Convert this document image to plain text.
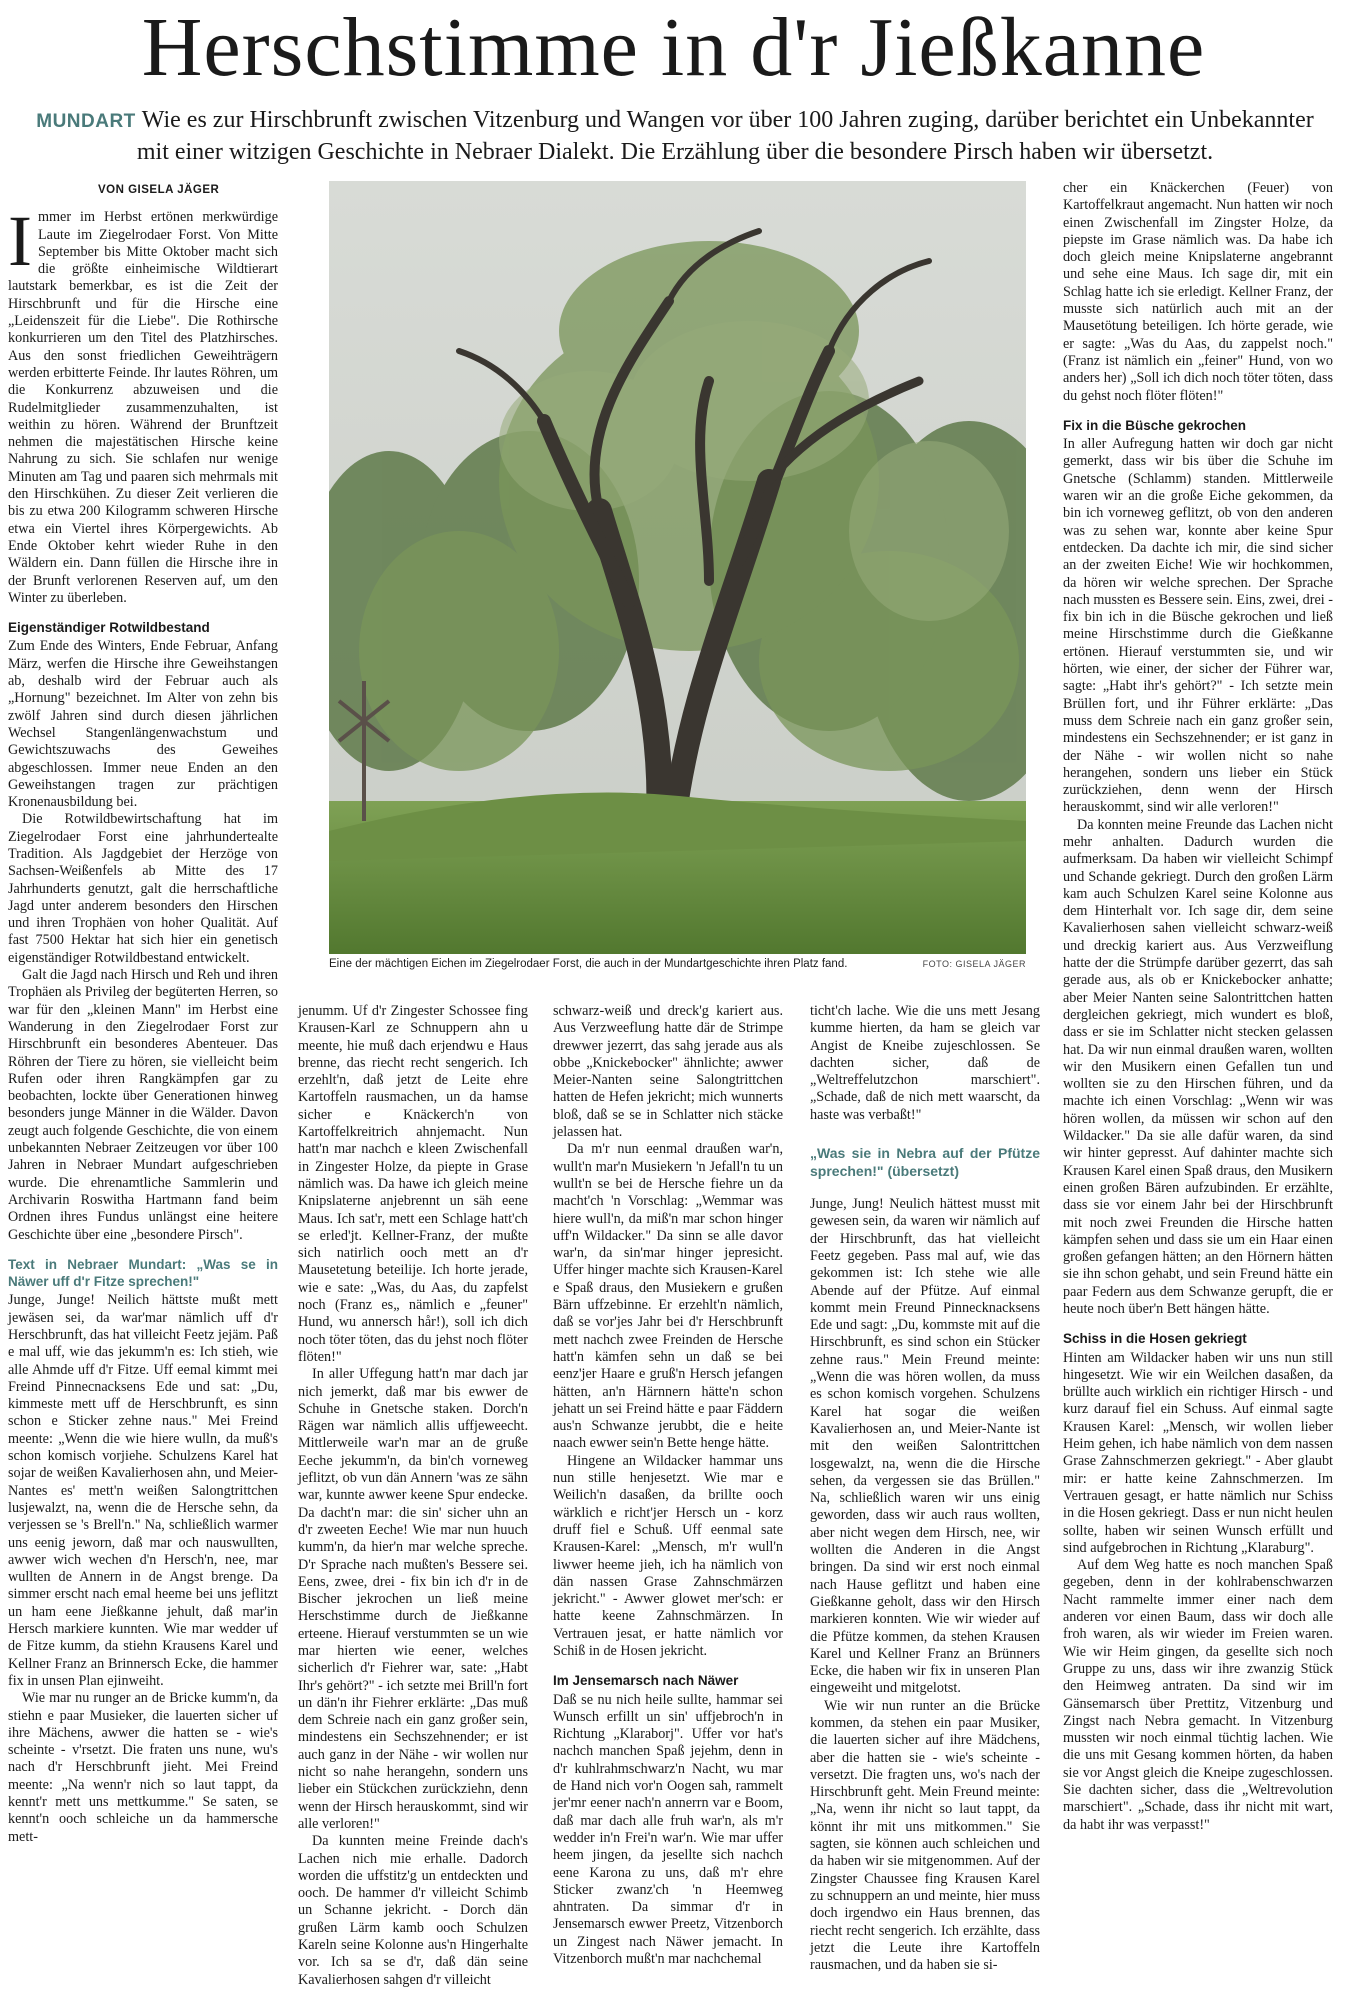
Herschstimme in d'r Jießkanne

MUNDART Wie es zur Hirschbrunft zwischen Vitzenburg und Wangen vor über 100 Jahren zuging, darüber berichtet ein Unbekannter mit einer witzigen Geschichte in Nebraer Dialekt. Die Erzählung über die besondere Pirsch haben wir übersetzt.

VON GISELA JÄGER

Immer im Herbst ertönen merkwürdige Laute im Ziegelrodaer Forst. Von Mitte September bis Mitte Oktober macht sich die größte einheimische Wildtierart lautstark bemerkbar, es ist die Zeit der Hirschbrunft und für die Hirsche eine „Leidenszeit für die Liebe". Die Rothirsche konkurrieren um den Titel des Platzhirsches. Aus den sonst friedlichen Geweihträgern werden erbitterte Feinde. Ihr lautes Röhren, um die Konkurrenz abzuweisen und die Rudelmitglieder zusammenzuhalten, ist weithin zu hören. Während der Brunftzeit nehmen die majestätischen Hirsche keine Nahrung zu sich. Sie schlafen nur wenige Minuten am Tag und paaren sich mehrmals mit den Hirschkühen. Zu dieser Zeit verlieren die bis zu etwa 200 Kilogramm schweren Hirsche etwa ein Viertel ihres Körpergewichts. Ab Ende Oktober kehrt wieder Ruhe in den Wäldern ein. Dann füllen die Hirsche ihre in der Brunft verlorenen Reserven auf, um den Winter zu überleben.

Eigenständiger Rotwildbestand

Zum Ende des Winters, Ende Februar, Anfang März, werfen die Hirsche ihre Geweihstangen ab, deshalb wird der Februar auch als „Hornung" bezeichnet. Im Alter von zehn bis zwölf Jahren sind durch diesen jährlichen Wechsel Stangenlängenwachstum und Gewichtszuwachs des Geweihes abgeschlossen. Immer neue Enden an den Geweihstangen tragen zur prächtigen Kronenausbildung bei.

Die Rotwildbewirtschaftung hat im Ziegelrodaer Forst eine jahrhundertealte Tradition. Als Jagdgebiet der Herzöge von Sachsen-Weißenfels ab Mitte des 17 Jahrhunderts genutzt, galt die herrschaftliche Jagd unter anderem besonders den Hirschen und ihren Trophäen von hoher Qualität. Auf fast 7500 Hektar hat sich hier ein genetisch eigenständiger Rotwildbestand entwickelt.

Galt die Jagd nach Hirsch und Reh und ihren Trophäen als Privileg der begüterten Herren, so war für den „kleinen Mann" im Herbst eine Wanderung in den Ziegelrodaer Forst zur Hirschbrunft ein besonderes Abenteuer. Das Röhren der Tiere zu hören, sie vielleicht beim Rufen oder ihren Rangkämpfen gar zu beobachten, lockte über Generationen hinweg besonders junge Männer in die Wälder. Davon zeugt auch folgende Geschichte, die von einem unbekannten Nebraer Zeitzeugen vor über 100 Jahren in Nebraer Mundart aufgeschrieben wurde. Die ehrenamtliche Sammlerin und Archivarin Roswitha Hartmann fand beim Ordnen ihres Fundus unlängst eine heitere Geschichte über eine „besondere Pirsch".

Text in Nebraer Mundart: „Was se in Näwer uff d'r Fitze sprechen!"

Junge, Junge! Neilich hättste mußt mett jewäsen sei, da war'mar nämlich uff d'r Herschbrunft, das hat villeicht Feetz jejäm. Paß e mal uff, wie das jekumm'n es: Ich stieh, wie alle Ahmde uff d'r Fitze. Uff eemal kimmt mei Freind Pinnecnacksens Ede und sat: „Du, kimmeste mett uff de Herschbrunft, es sinn schon e Sticker zehne naus." Mei Freind meente: „Wenn die wie hiere wulln, da muß's schon komisch vorjiehe. Schulzens Karel hat sojar de weißen Kavalierhosen ahn, und Meier-Nantes es' mett'n weißen Salongtrittchen lusjewalzt, na, wenn die de Hersche sehn, da verjessen se 's Brell'n." Na, schließlich warmer uns eenig jeworn, daß mar och nauswullten, awwer wich wechen d'n Hersch'n, nee, mar wullten de Annern in de Angst brenge. Da simmer erscht nach emal heeme bei uns jeflitzt un ham eene Jießkanne jehult, daß mar'in Hersch markiere kunnten. Wie mar wedder uf de Fitze kumm, da stiehn Krausens Karel und Kellner Franz an Brinnersch Ecke, die hammer fix in unsen Plan ejinweiht.

Wie mar nu runger an de Bricke kumm'n, da stiehn e paar Musieker, die lauerten sicher uf ihre Mächens, awwer die hatten se - wie's scheinte - v'rsetzt. Die fraten uns nune, wu's nach d'r Herschbrunft jieht. Mei Freind meente: „Na wenn'r nich so laut tappt, da kennt'r mett uns mettkumme." Se saten, se kennt'n ooch schleiche un da hammersche mett-

Eine der mächtigen Eichen im Ziegelrodaer Forst, die auch in der Mundartgeschichte ihren Platz fand.	FOTO: GISELA JÄGER

jenumm. Uf d'r Zingester Schossee fing Krausen-Karl ze Schnuppern ahn u meente, hie muß dach erjendwu e Haus brenne, das riecht recht sengerich. Ich erzehlt'n, daß jetzt de Leite ehre Kartoffeln rausmachen, un da hamse sicher e Knäckerch'n von Kartoffelkreitrich ahnjemacht. Nun hatt'n mar nachch e kleen Zwischenfall in Zingester Holze, da piepte in Grase nämlich was. Da hawe ich gleich meine Knipslaterne anjebrennt un säh eene Maus. Ich sat'r, mett een Schlage hatt'ch se erled'jt. Kellner-Franz, der mußte sich natirlich ooch mett an d'r Mausetetung beteilije. Ich horte jerade, wie e sate: „Was, du Aas, du zapfelst noch (Franz es„ nämlich e „feuner" Hund, wu annersch hår!), soll ich dich noch töter töten, das du jehst noch flöter flöten!"

In aller Uffegung hatt'n mar dach jar nich jemerkt, daß mar bis ewwer de Schuhe in Gnetsche staken. Dorch'n Rägen war nämlich allis uffjeweecht. Mittlerweile war'n mar an de gruße Eeche jekumm'n, da bin'ch vorneweg jeflitzt, ob vun dän Annern 'was ze sähn war, kunnte awwer keene Spur endecke. Da dacht'n mar: die sin' sicher uhn an d'r zweeten Eeche! Wie mar nun huuch kumm'n, da hier'n mar welche spreche. D'r Sprache nach mußten's Bessere sei. Eens, zwee, drei - fix bin ich d'r in de Bischer jekrochen un ließ meine Herschstimme durch de Jießkanne erteene. Hierauf verstummten se un wie mar hierten wie eener, welches sicherlich d'r Fiehrer war, sate: „Habt Ihr's gehört?" - ich setzte mei Brill'n fort un dän'n ihr Fiehrer erklärte: „Das muß dem Schreie nach ein ganz großer sein, mindestens ein Sechszehnender; er ist auch ganz in der Nähe - wir wollen nur nicht so nahe herangehn, sondern uns lieber ein Stückchen zurückziehn, denn wenn der Hirsch herauskommt, sind wir alle verloren!"

Da kunnten meine Freinde dach's Lachen nich mie erhalle. Dadorch worden die uffstitz'g un entdeckten und ooch. De hammer d'r villeicht Schimb un Schanne jekricht. - Dorch dän grußen Lärm kamb ooch Schulzen Kareln seine Kolonne aus'n Hingerhalte vor. Ich sa se d'r, daß dän seine Kavalierhosen sahgen d'r villeicht

schwarz-weiß und dreck'g kariert aus. Aus Verzweeflung hatte där de Strimpe drewwer jezerrt, das sahg jerade aus als obbe „Knickebocker" ähnlichte; awwer Meier-Nanten seine Salongtrittchen hatten de Hefen jekricht; mich wunnerts bloß, daß se se in Schlatter nich stäcke jelassen hat.

Da m'r nun eenmal draußen war'n, wullt'n mar'n Musiekern 'n Jefall'n tu un wullt'n se bei de Hersche fiehre un da macht'ch 'n Vorschlag: „Wemmar was hiere wull'n, da miß'n mar schon hinger uff'n Wildacker." Da sinn se alle davor war'n, da sin'mar hinger jepresicht. Uffer hinger machte sich Krausen-Karel e Spaß draus, den Musiekern e grußen Bärn uffzebinne. Er erzehlt'n nämlich, daß se vor'jes Jahr bei d'r Herschbrunft mett nachch zwee Freinden de Hersche hatt'n kämfen sehn un daß se bei eenz'jer Haare e gruß'n Hersch jefangen hätten, an'n Härnnern hätte'n schon jehatt un sei Freind hätte e paar Fäddern aus'n Schwanze jerubbt, die e heite naach ewwer sein'n Bette henge hätte.

Hingene an Wildacker hammar uns nun stille henjesetzt. Wie mar e Weilich'n dasaßen, da brillte ooch wärklich e richt'jer Hersch un - korz druff fiel e Schuß. Uff eenmal sate Krausen-Karel: „Mensch, m'r wull'n liwwer heeme jieh, ich ha nämlich von dän nassen Grase Zahnschmärzen jekricht." - Awwer glowet mer'sch: er hatte keene Zahnschmärzen. In Vertrauen jesat, er hatte nämlich vor Schiß in de Hosen jekricht.

Im Jensemarsch nach Näwer

Daß se nu nich heile sullte, hammar sei Wunsch erfillt un sin' uffjebroch'n in Richtung „Klaraborj". Uffer vor hat's nachch manchen Spaß jejehm, denn in d'r kuhlrahmschwarz'n Nacht, wu mar de Hand nich vor'n Oogen sah, rammelt jer'mr eener nach'n annerrn var e Boom, daß mar dach alle fruh war'n, als m'r wedder in'n Frei'n war'n. Wie mar uffer heem jingen, da jesellte sich nachch eene Karona zu uns, daß m'r ehre Sticker zwanz'ch 'n Heemweg ahntraten. Da simmar d'r in Jensemarsch ewwer Preetz, Vitzenborch un Zingest nach Näwer jemacht. In Vitzenborch mußt'n mar nachchemal

ticht'ch lache. Wie die uns mett Jesang kumme hierten, da ham se gleich var Angist de Kneibe zujeschlossen. Se dachten sicher, daß de „Weltreffelutzchon marschiert". „Schade, daß de nich mett waarscht, da haste was verbaßt!"

„Was sie in Nebra auf der Pfütze sprechen!" (übersetzt)

Junge, Jung! Neulich hättest musst mit gewesen sein, da waren wir nämlich auf der Hirschbrunft, das hat vielleicht Feetz gegeben. Pass mal auf, wie das gekommen ist: Ich stehe wie alle Abende auf der Pfütze. Auf einmal kommt mein Freund Pinnecknacksens Ede und sagt: „Du, kommste mit auf die Hirschbrunft, es sind schon ein Stücker zehne raus." Mein Freund meinte: „Wenn die was hören wollen, da muss es schon komisch vorgehen. Schulzens Karel hat sogar die weißen Kavalierhosen an, und Meier-Nante ist mit den weißen Salontrittchen losgewalzt, na, wenn die die Hirsche sehen, da vergessen sie das Brüllen." Na, schließlich waren wir uns einig geworden, dass wir auch raus wollten, aber nicht wegen dem Hirsch, nee, wir wollten die Anderen in die Angst bringen. Da sind wir erst noch einmal nach Hause geflitzt und haben eine Gießkanne geholt, dass wir den Hirsch markieren konnten. Wie wir wieder auf die Pfütze kommen, da stehen Krausen Karel und Kellner Franz an Brünners Ecke, die haben wir fix in unseren Plan eingeweiht und mitgelotst.

Wie wir nun runter an die Brücke kommen, da stehen ein paar Musiker, die lauerten sicher auf ihre Mädchens, aber die hatten sie - wie's scheinte - versetzt. Die fragten uns, wo's nach der Hirschbrunft geht. Mein Freund meinte: „Na, wenn ihr nicht so laut tappt, da könnt ihr mit uns mitkommen." Sie sagten, sie können auch schleichen und da haben wir sie mitgenommen. Auf der Zingster Chaussee fing Krausen Karel zu schnuppern an und meinte, hier muss doch irgendwo ein Haus brennen, das riecht recht sengerich. Ich erzählte, dass jetzt die Leute ihre Kartoffeln rausmachen, und da haben sie si-

cher ein Knäckerchen (Feuer) von Kartoffelkraut angemacht. Nun hatten wir noch einen Zwischenfall im Zingster Holze, da piepste im Grase nämlich was. Da habe ich doch gleich meine Knipslaterne angebrannt und sehe eine Maus. Ich sage dir, mit ein Schlag hatte ich sie erledigt. Kellner Franz, der musste sich natürlich auch mit an der Mausetötung beteiligen. Ich hörte gerade, wie er sagte: „Was du Aas, du zappelst noch." (Franz ist nämlich ein „feiner" Hund, von wo anders her) „Soll ich dich noch töter töten, dass du gehst noch flöter flöten!"

Fix in die Büsche gekrochen

In aller Aufregung hatten wir doch gar nicht gemerkt, dass wir bis über die Schuhe im Gnetsche (Schlamm) standen. Mittlerweile waren wir an die große Eiche gekommen, da bin ich vorneweg geflitzt, ob von den anderen was zu sehen war, konnte aber keine Spur entdecken. Da dachte ich mir, die sind sicher an der zweiten Eiche! Wie wir hochkommen, da hören wir welche sprechen. Der Sprache nach mussten es Bessere sein. Eins, zwei, drei - fix bin ich in die Büsche gekrochen und ließ meine Hirschstimme durch die Gießkanne ertönen. Hierauf verstummten sie, und wir hörten, wie einer, der sicher der Führer war, sagte: „Habt ihr's gehört?" - Ich setzte mein Brüllen fort, und ihr Führer erklärte: „Das muss dem Schreie nach ein ganz großer sein, mindestens ein Sechszehnender; er ist ganz in der Nähe - wir wollen nicht so nahe herangehen, sondern uns lieber ein Stück zurückziehen, denn wenn der Hirsch herauskommt, sind wir alle verloren!"

Da konnten meine Freunde das Lachen nicht mehr anhalten. Dadurch wurden die aufmerksam. Da haben wir vielleicht Schimpf und Schande gekriegt. Durch den großen Lärm kam auch Schulzen Karel seine Kolonne aus dem Hinterhalt vor. Ich sage dir, dem seine Kavalierhosen sahen vielleicht schwarz-weiß und dreckig kariert aus. Aus Verzweiflung hatte der die Strümpfe darüber gezerrt, das sah gerade aus, als ob er Knickebocker anhatte; aber Meier Nanten seine Salontrittchen hatten dergleichen gekriegt, mich wundert es bloß, dass er sie im Schlatter nicht stecken gelassen hat. Da wir nun einmal draußen waren, wollten wir den Musikern einen Gefallen tun und wollten sie zu den Hirschen führen, und da machte ich einen Vorschlag: „Wenn wir was hören wollen, da müssen wir schon auf den Wildacker." Da sie alle dafür waren, da sind wir hinter gepresst. Auf dahinter machte sich Krausen Karel einen Spaß draus, den Musikern einen großen Bären aufzubinden. Er erzählte, dass sie vor einem Jahr bei der Hirschbrunft mit noch zwei Freunden die Hirsche hatten kämpfen sehen und dass sie um ein Haar einen großen gefangen hätten; an den Hörnern hätten sie ihn schon gehabt, und sein Freund hätte ein paar Federn aus dem Schwanze gerupft, die er heute noch über'n Bett hängen hätte.

Schiss in die Hosen gekriegt

Hinten am Wildacker haben wir uns nun still hingesetzt. Wie wir ein Weilchen dasaßen, da brüllte auch wirklich ein richtiger Hirsch - und kurz darauf fiel ein Schuss. Auf einmal sagte Krausen Karel: „Mensch, wir wollen lieber Heim gehen, ich habe nämlich von dem nassen Grase Zahnschmerzen gekriegt." - Aber glaubt mir: er hatte keine Zahnschmerzen. Im Vertrauen gesagt, er hatte nämlich nur Schiss in die Hosen gekriegt. Dass er nun nicht heulen sollte, haben wir seinen Wunsch erfüllt und sind aufgebrochen in Richtung „Klaraburg".

Auf dem Weg hatte es noch manchen Spaß gegeben, denn in der kohlrabenschwarzen Nacht rammelte immer einer nach dem anderen vor einen Baum, dass wir doch alle froh waren, als wir wieder im Freien waren. Wie wir Heim gingen, da gesellte sich noch Gruppe zu uns, dass wir ihre zwanzig Stück den Heimweg antraten. Da sind wir im Gänsemarsch über Prettitz, Vitzenburg und Zingst nach Nebra gemacht. In Vitzenburg mussten wir noch einmal tüchtig lachen. Wie die uns mit Gesang kommen hörten, da haben sie vor Angst gleich die Kneipe zugeschlossen. Sie dachten sicher, dass die „Weltrevolution marschiert". „Schade, dass ihr nicht mit wart, da habt ihr was verpasst!"
